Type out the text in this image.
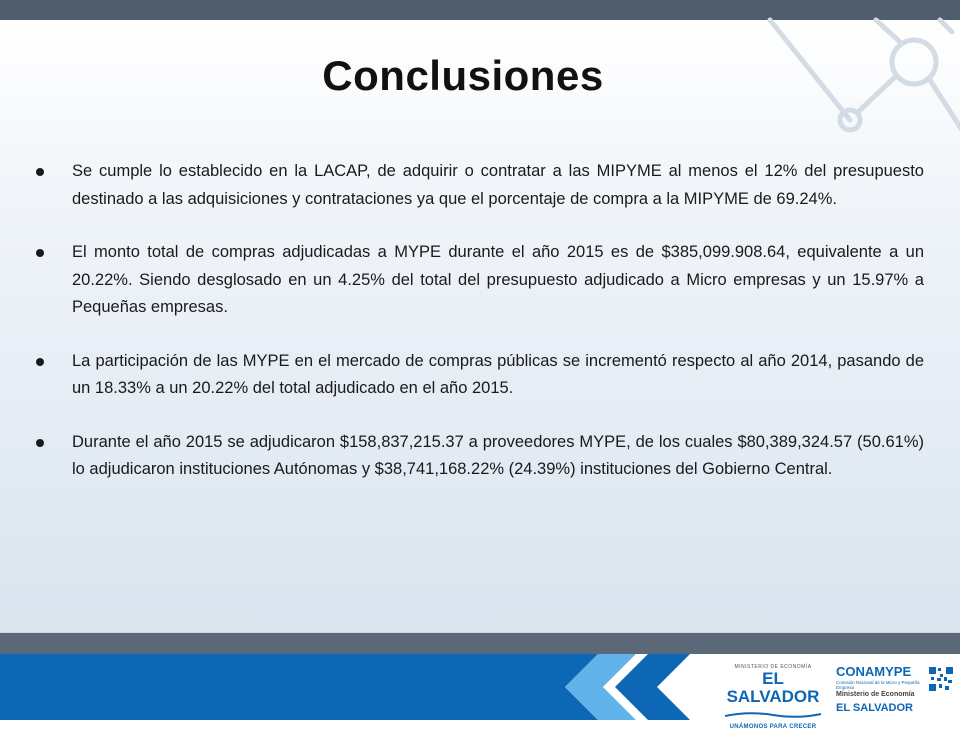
Conclusiones
Se cumple lo establecido en la LACAP, de adquirir o contratar a las MIPYME al menos el 12% del presupuesto destinado a las adquisiciones y contrataciones ya que el porcentaje de compra a la MIPYME de 69.24%.
El monto total de compras adjudicadas a MYPE durante el año 2015 es de $385,099.908.64, equivalente a un 20.22%. Siendo desglosado en un 4.25% del total del presupuesto adjudicado a Micro empresas y un 15.97% a Pequeñas empresas.
La participación de las MYPE en el mercado de compras públicas se incrementó respecto al año 2014, pasando de un 18.33% a un 20.22% del total adjudicado en el año 2015.
Durante el año 2015 se adjudicaron $158,837,215.37 a proveedores MYPE, de los cuales $80,389,324.57 (50.61%) lo adjudicaron instituciones Autónomas y $38,741,168.22% (24.39%) instituciones del Gobierno Central.
MINISTERIO DE ECONOMÍA
EL SALVADOR
UNÁMONOS PARA CRECER
CONAMYPE
Comisión Nacional de la Micro y Pequeña Empresa
Ministerio de Economía
EL SALVADOR
